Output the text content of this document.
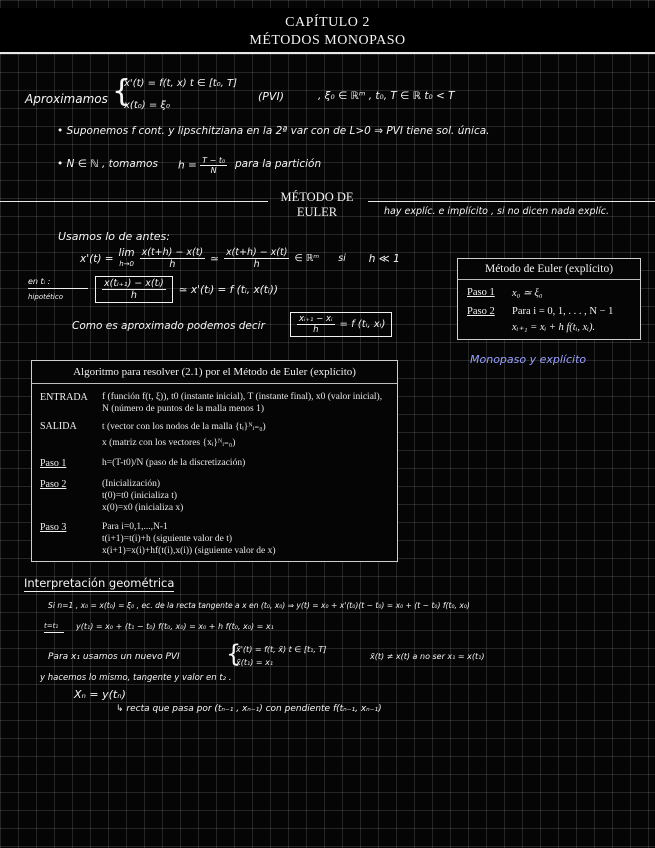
CAPÍTULO 2
MÉTODOS MONOPASO
Aproximamos {
x'(t) = f(t, x) t ∈ [t₀, T]
x(t₀) = ξ₀
(PVI)	, ξ₀ ∈ ℝᵐ , t₀, T ∈ ℝ t₀ < T
• Suponemos f cont. y lipschitziana en la 2ª var con de L>0 ⇒ PVI tiene sol. única.
• N ∈ ℕ , tomamos $h = \frac{\text{T − t₀}}{N}$ para la partición
MÉTODO DE
EULER	hay explíc. e implícito , si no dicen nada explíc.
Usamos lo de antes:
x'(t) = lim
$h\to 0 \frac{x(t+h) - x(t)}{h}$ ≃ $\frac{x(t+h) - x(t)}{h}$ ∈ ℝᵐ si h ≪ 1
en tᵢ :
hipotético	$\frac{\text{x(tᵢ₊₁) − x(tᵢ)}}{h}$ ≃ x'(tᵢ) = f (tᵢ, x(tᵢ))
Como es aproximado podemos decir	$\frac{\text{xᵢ₊₁ − xᵢ}}{h} = f$ (tᵢ, xᵢ)
Método de Euler (explícito)
Paso 1 x₀ ≃ ξ₀
Paso 2 Para i = 0, 1, . . . , N − 1
xᵢ₊₁ = xᵢ + h f(tᵢ, xᵢ).
Monopaso y explícito
Algoritmo para resolver (2.1) por el Método de Euler (explícito)
ENTRADA f (función f(t, ξ)), t0 (instante inicial), T (instante final), x0 (valor inicial),
N (número de puntos de la malla menos 1)
SALIDA	t (vector con los nodos de la malla {tᵢ}ᴺᵢ₌₀)
x (matriz con los vectores {xᵢ}ᴺᵢ₌₀)
Paso 1	h=(T-t0)/N (paso de la discretización)
Paso 2	(Inicialización)
t(0)=t0 (inicializa t)
x(0)=x0 (inicializa x)
Paso 3	Para i=0,1,...,N-1
t(i+1)=t(i)+h (siguiente valor de t)
x(i+1)=x(i)+hf(t(i),x(i)) (siguiente valor de x)
Interpretación geométrica
Si n=1 , x₀ = x(t₀) = ξ₀ , ec. de la recta tangente a x en (t₀, x₀) ⇒ y(t) = x₀ + x'(t₀)(t − t₀) = x₀ + (t − t₀) f(t₀, x₀)
t=t₁ y(t₁) = x₀ + (t₁ − t₀) f(t₀, x₀) = x₀ + h f(t₀, x₀) = x₁
Para x₁ usamos un nuevo PVI {
x̃'(t) = f(t, x̃) t ∈ [t₁, T]
x̃(t₁) = x₁
x̃(t) ≠ x(t) a no ser x₁ = x(t₁)
y hacemos lo mismo, tangente y valor en t₂ .
Xₙ = y(tₙ)
↳ recta que pasa por (tₙ₋₁ , xₙ₋₁) con pendiente f(tₙ₋₁, xₙ₋₁)
